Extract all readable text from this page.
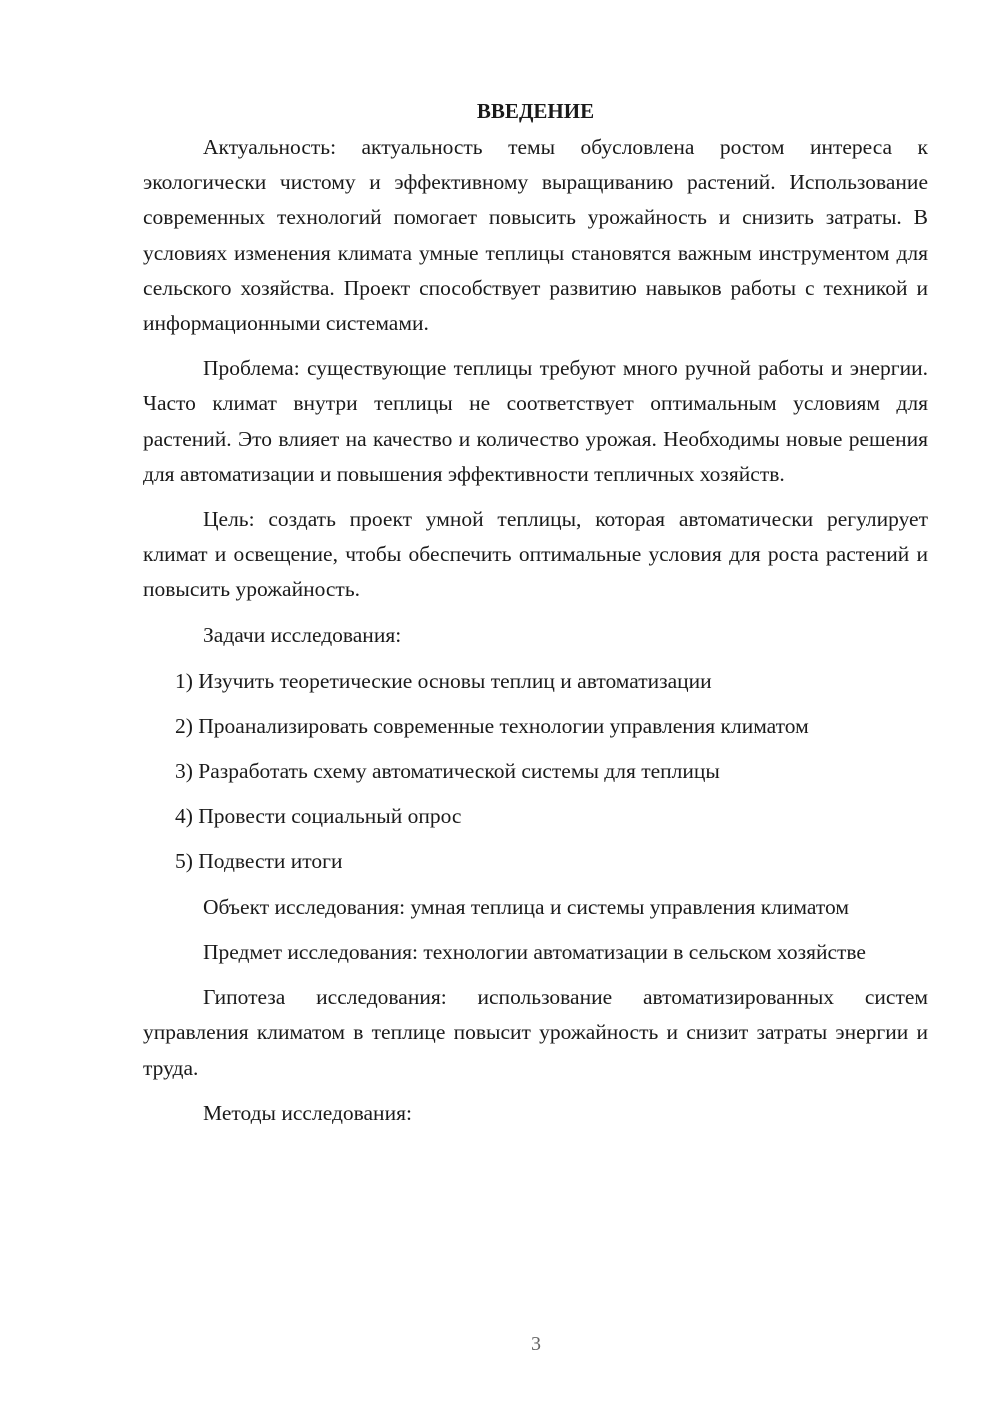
ВВЕДЕНИЕ

Актуальность: актуальность темы обусловлена ростом интереса к экологически чистому и эффективному выращиванию растений. Использование современных технологий помогает повысить урожайность и снизить затраты. В условиях изменения климата умные теплицы становятся важным инструментом для сельского хозяйства. Проект способствует развитию навыков работы с техникой и информационными системами.

Проблема: существующие теплицы требуют много ручной работы и энергии. Часто климат внутри теплицы не соответствует оптимальным условиям для растений. Это влияет на качество и количество урожая. Необходимы новые решения для автоматизации и повышения эффективности тепличных хозяйств.

Цель: создать проект умной теплицы, которая автоматически регулирует климат и освещение, чтобы обеспечить оптимальные условия для роста растений и повысить урожайность.

Задачи исследования:

1) Изучить теоретические основы теплиц и автоматизации
2) Проанализировать современные технологии управления климатом
3) Разработать схему автоматической системы для теплицы
4) Провести социальный опрос
5) Подвести итоги

Объект исследования: умная теплица и системы управления климатом

Предмет исследования: технологии автоматизации в сельском хозяйстве

Гипотеза исследования: использование автоматизированных систем управления климатом в теплице повысит урожайность и снизит затраты энергии и труда.

Методы исследования:

3
